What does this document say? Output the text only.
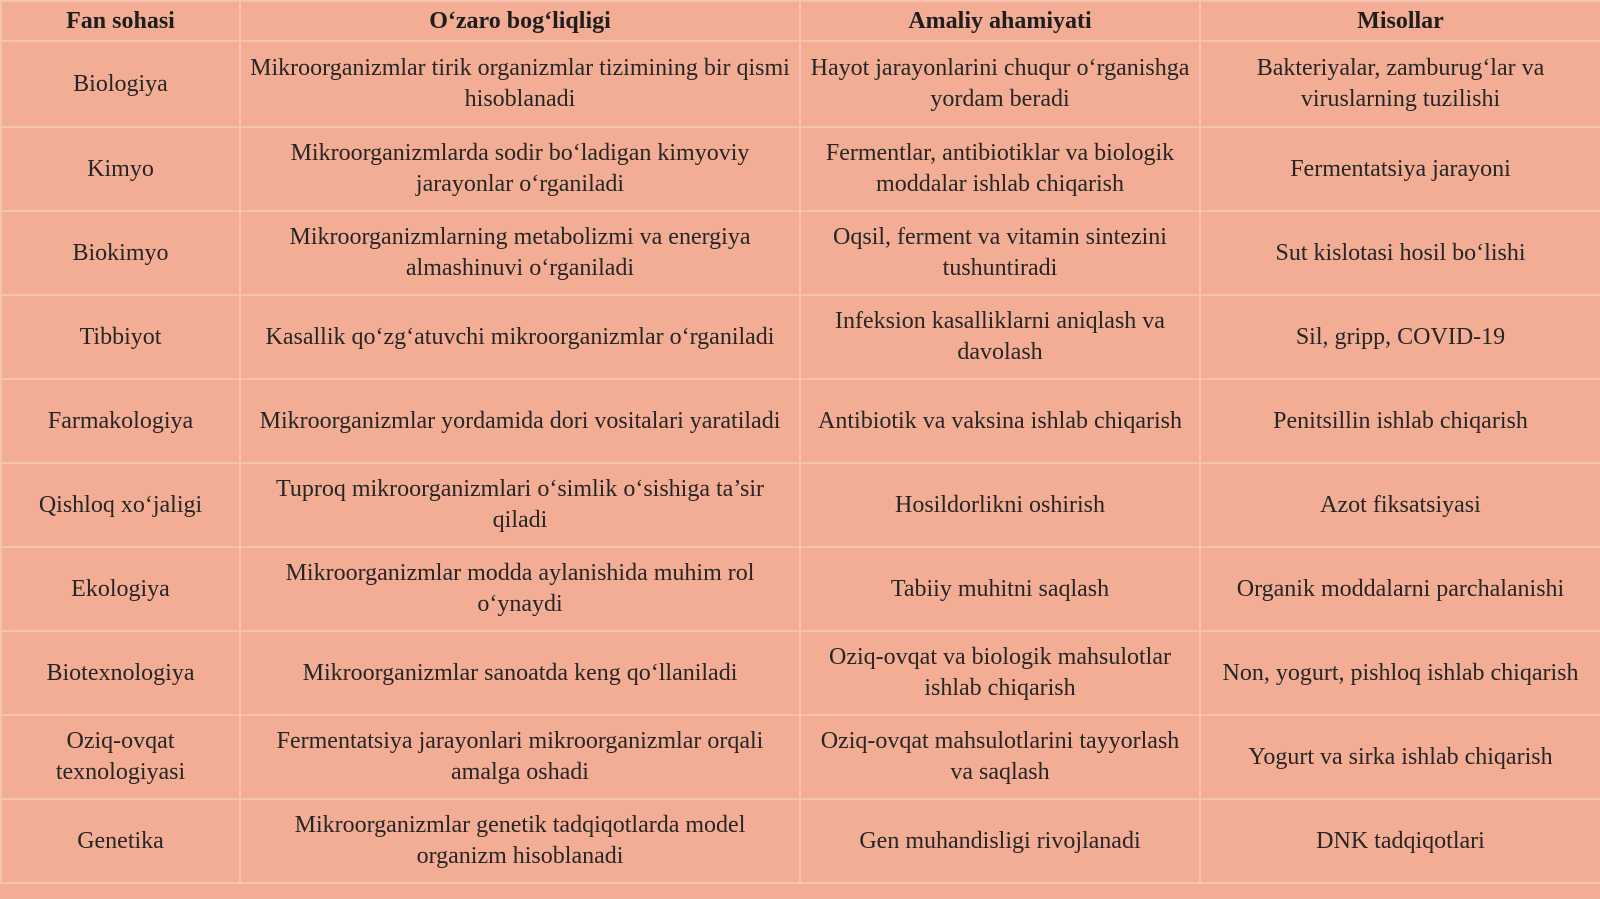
Fan sohasi	O‘zaro bog‘liqligi	Amaliy ahamiyati	Misollar
Biologiya	Mikroorganizmlar tirik organizmlar tizimining bir qismi hisoblanadi	Hayot jarayonlarini chuqur o‘rganishga yordam beradi	Bakteriyalar, zamburug‘lar va viruslarning tuzilishi
Kimyo	Mikroorganizmlarda sodir bo‘ladigan kimyoviy jarayonlar o‘rganiladi	Fermentlar, antibiotiklar va biologik moddalar ishlab chiqarish	Fermentatsiya jarayoni
Biokimyo	Mikroorganizmlarning metabolizmi va energiya almashinuvi o‘rganiladi	Oqsil, ferment va vitamin sintezini tushuntiradi	Sut kislotasi hosil bo‘lishi
Tibbiyot	Kasallik qo‘zg‘atuvchi mikroorganizmlar o‘rganiladi	Infeksion kasalliklarni aniqlash va davolash	Sil, gripp, COVID-19
Farmakologiya	Mikroorganizmlar yordamida dori vositalari yaratiladi	Antibiotik va vaksina ishlab chiqarish	Penitsillin ishlab chiqarish
Qishloq xo‘jaligi	Tuproq mikroorganizmlari o‘simlik o‘sishiga ta’sir qiladi	Hosildorlikni oshirish	Azot fiksatsiyasi
Ekologiya	Mikroorganizmlar modda aylanishida muhim rol o‘ynaydi	Tabiiy muhitni saqlash	Organik moddalarni parchalanishi
Biotexnologiya	Mikroorganizmlar sanoatda keng qo‘llaniladi	Oziq-ovqat va biologik mahsulotlar ishlab chiqarish	Non, yogurt, pishloq ishlab chiqarish
Oziq-ovqat texnologiyasi	Fermentatsiya jarayonlari mikroorganizmlar orqali amalga oshadi	Oziq-ovqat mahsulotlarini tayyorlash va saqlash	Yogurt va sirka ishlab chiqarish
Genetika	Mikroorganizmlar genetik tadqiqotlarda model organizm hisoblanadi	Gen muhandisligi rivojlanadi	DNK tadqiqotlari
